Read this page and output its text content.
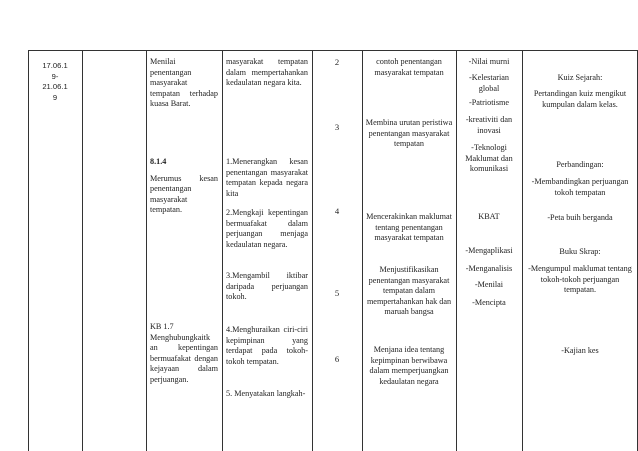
17.06.1
9-
21.06.1
9
Menilai penentangan masyarakat tempatan terhadap kuasa Barat.
8.1.4
Merumus kesan penentangan masyarakat tempatan.
KB 1.7
Menghubungkaitk an kepentingan bermuafakat dengan kejayaan dalam perjuangan.
masyarakat tempatan dalam mempertahankan kedaulatan negara kita.
1.Menerangkan kesan penentangan masyarakat tempatan kepada negara kita
2.Mengkaji kepentingan bermuafakat dalam perjuangan menjaga kedaulatan negara.
3.Mengambil iktibar daripada perjuangan tokoh.
4.Menghuraikan ciri-ciri kepimpinan yang terdapat pada tokoh-tokoh tempatan.
5. Menyatakan langkah-
2
3
4
5
6
contoh penentangan masyarakat tempatan
Membina urutan peristiwa penentangan masyarakat tempatan
Mencerakinkan maklumat tentang penentangan masyarakat tempatan
Menjustifikasikan penentangan masyarakat tempatan dalam mempertahankan hak dan maruah bangsa
Menjana idea tentang kepimpinan berwibawa dalam memperjuangkan kedaulatan negara
-Nilai murni
-Kelestarian global
-Patriotisme
-kreativiti dan inovasi
-Teknologi Maklumat dan komunikasi
KBAT
-Mengaplikasi
-Menganalisis
-Menilai
-Mencipta
Kuiz Sejarah:
Pertandingan kuiz mengikut kumpulan dalam kelas.
Perbandingan:
-Membandingkan perjuangan tokoh tempatan
-Peta buih berganda
Buku Skrap:
-Mengumpul maklumat tentang tokoh-tokoh perjuangan tempatan.
-Kajian kes
